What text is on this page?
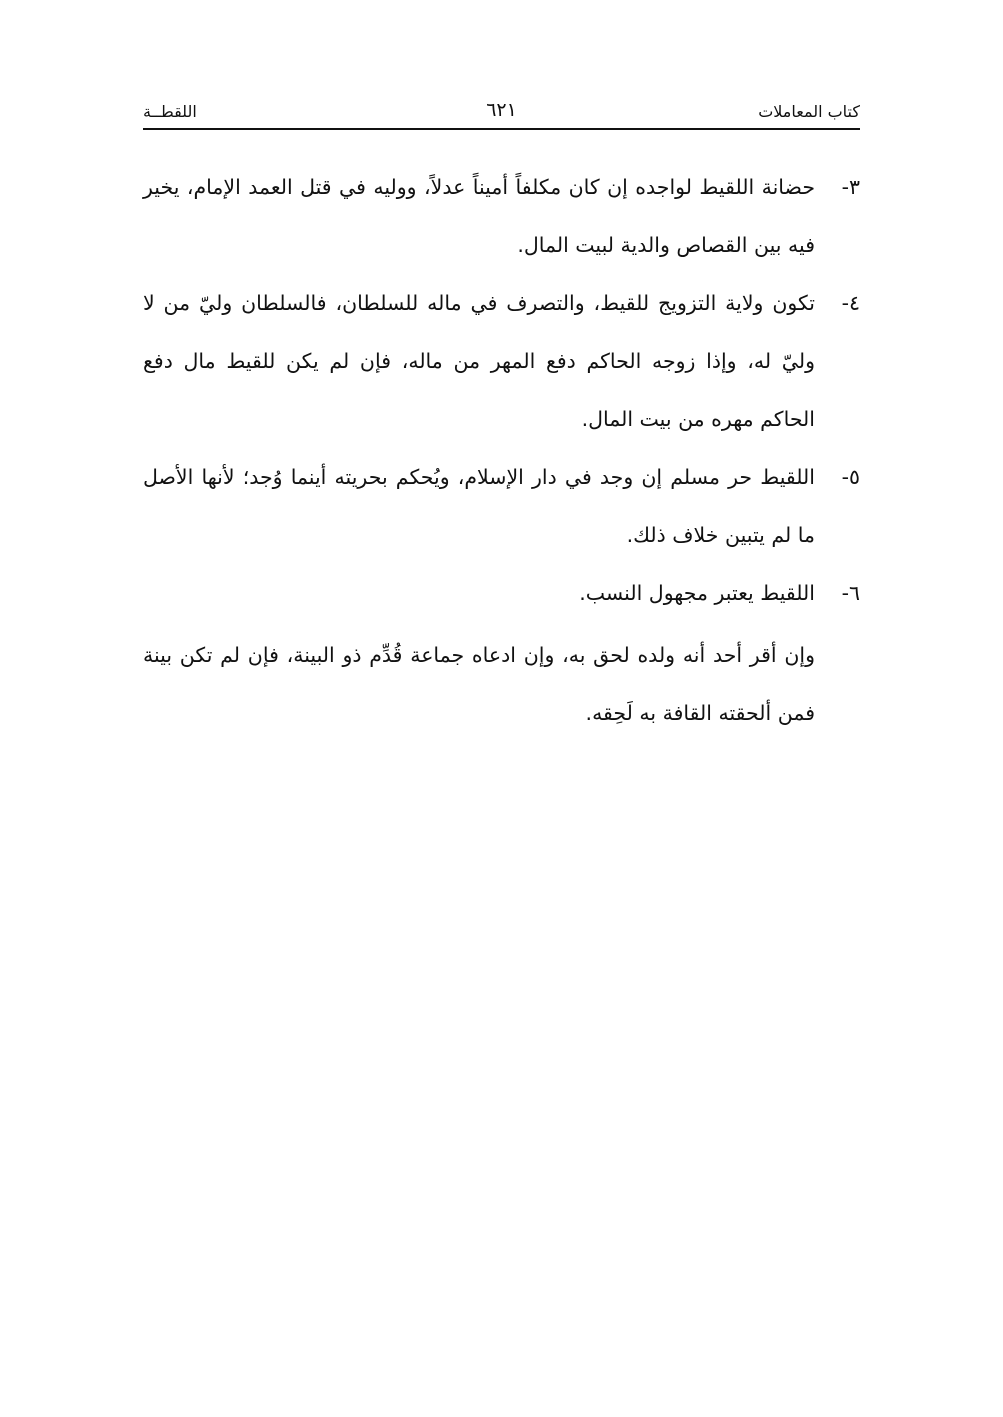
كتاب المعاملات
٦٢١
اللقطــة
٣-
حضانة اللقيط لواجده إن كان مكلفاً أميناً عدلاً، ووليه في قتل العمد الإمام، يخير فيه بين القصاص والدية لبيت المال.
٤-
تكون ولاية التزويج للقيط، والتصرف في ماله للسلطان، فالسلطان وليّ من لا وليّ له، وإذا زوجه الحاكم دفع المهر من ماله، فإن لم يكن للقيط مال دفع الحاكم مهره من بيت المال.
٥-
اللقيط حر مسلم إن وجد في دار الإسلام، ويُحكم بحريته أينما وُجد؛ لأنها الأصل ما لم يتبين خلاف ذلك.
٦-
اللقيط يعتبر مجهول النسب.

وإن أقر أحد أنه ولده لحق به، وإن ادعاه جماعة قُدِّم ذو البينة، فإن لم تكن بينة فمن ألحقته القافة به لَحِقه.
